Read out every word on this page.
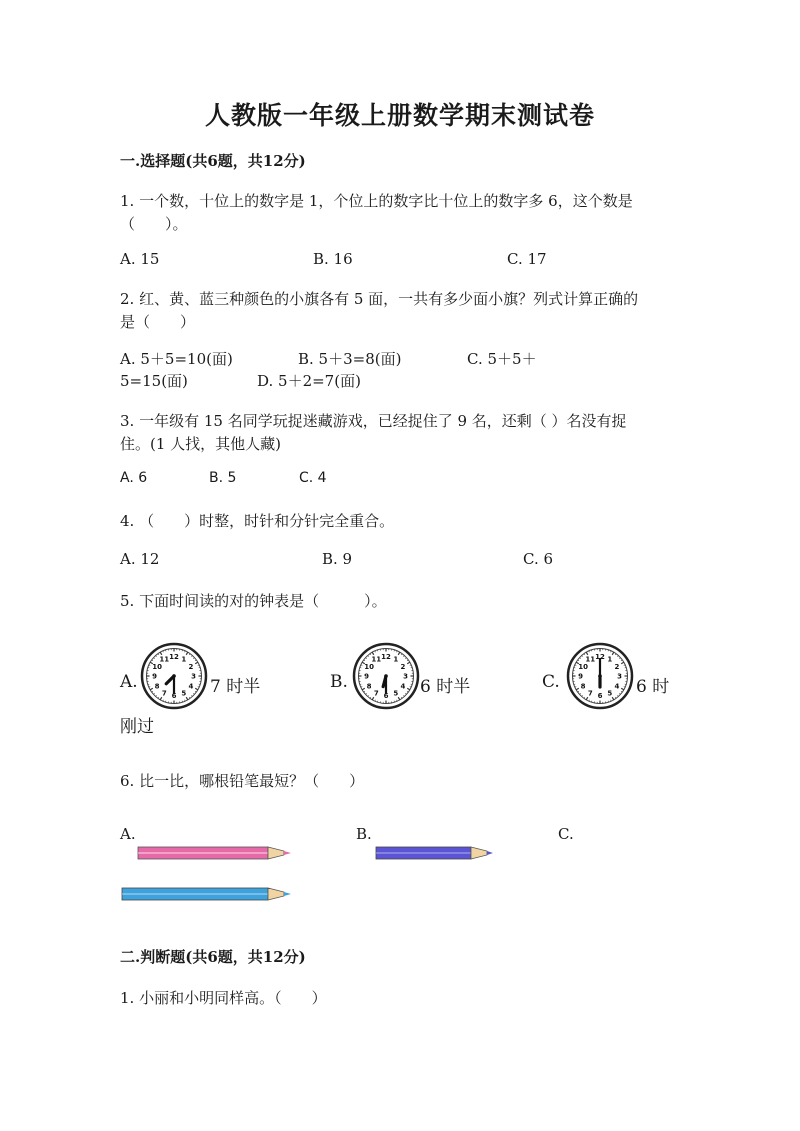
人教版一年级上册数学期末测试卷
一.选择题(共6题，共12分)
1. 一个数，十位上的数字是 1，个位上的数字比十位上的数字多 6，这个数是
（　　）。
A. 15	B. 16	C. 17
2. 红、黄、蓝三种颜色的小旗各有 5 面，一共有多少面小旗？列式计算正确的
是（　　）
A. 5＋5=10(面)	B. 5＋3=8(面)	C. 5＋5＋
5=15(面)	D. 5＋2=7(面)
3. 一年级有 15 名同学玩捉迷藏游戏，已经捉住了 9 名，还剩（ ）名没有捉
住。(1 人找，其他人藏)
A. 6	B. 5	C. 4
4. （　　）时整，时针和分针完全重合。
A. 12	B. 9	C. 6
5. 下面时间读的对的钟表是（　　　）。
A.	7 时半
12 1
2
3
4
5
6
7
8
9
10
11
B.	6 时半
12 1
2
3
4
5
6
7
8
9
10
11
C.	6 时
12 1
2
3
4
5
6
7
8
9
10
11
刚过
6. 比一比，哪根铅笔最短？（　　）
A.	B.	C.
二.判断题(共6题，共12分)
1. 小丽和小明同样高。（　　）
